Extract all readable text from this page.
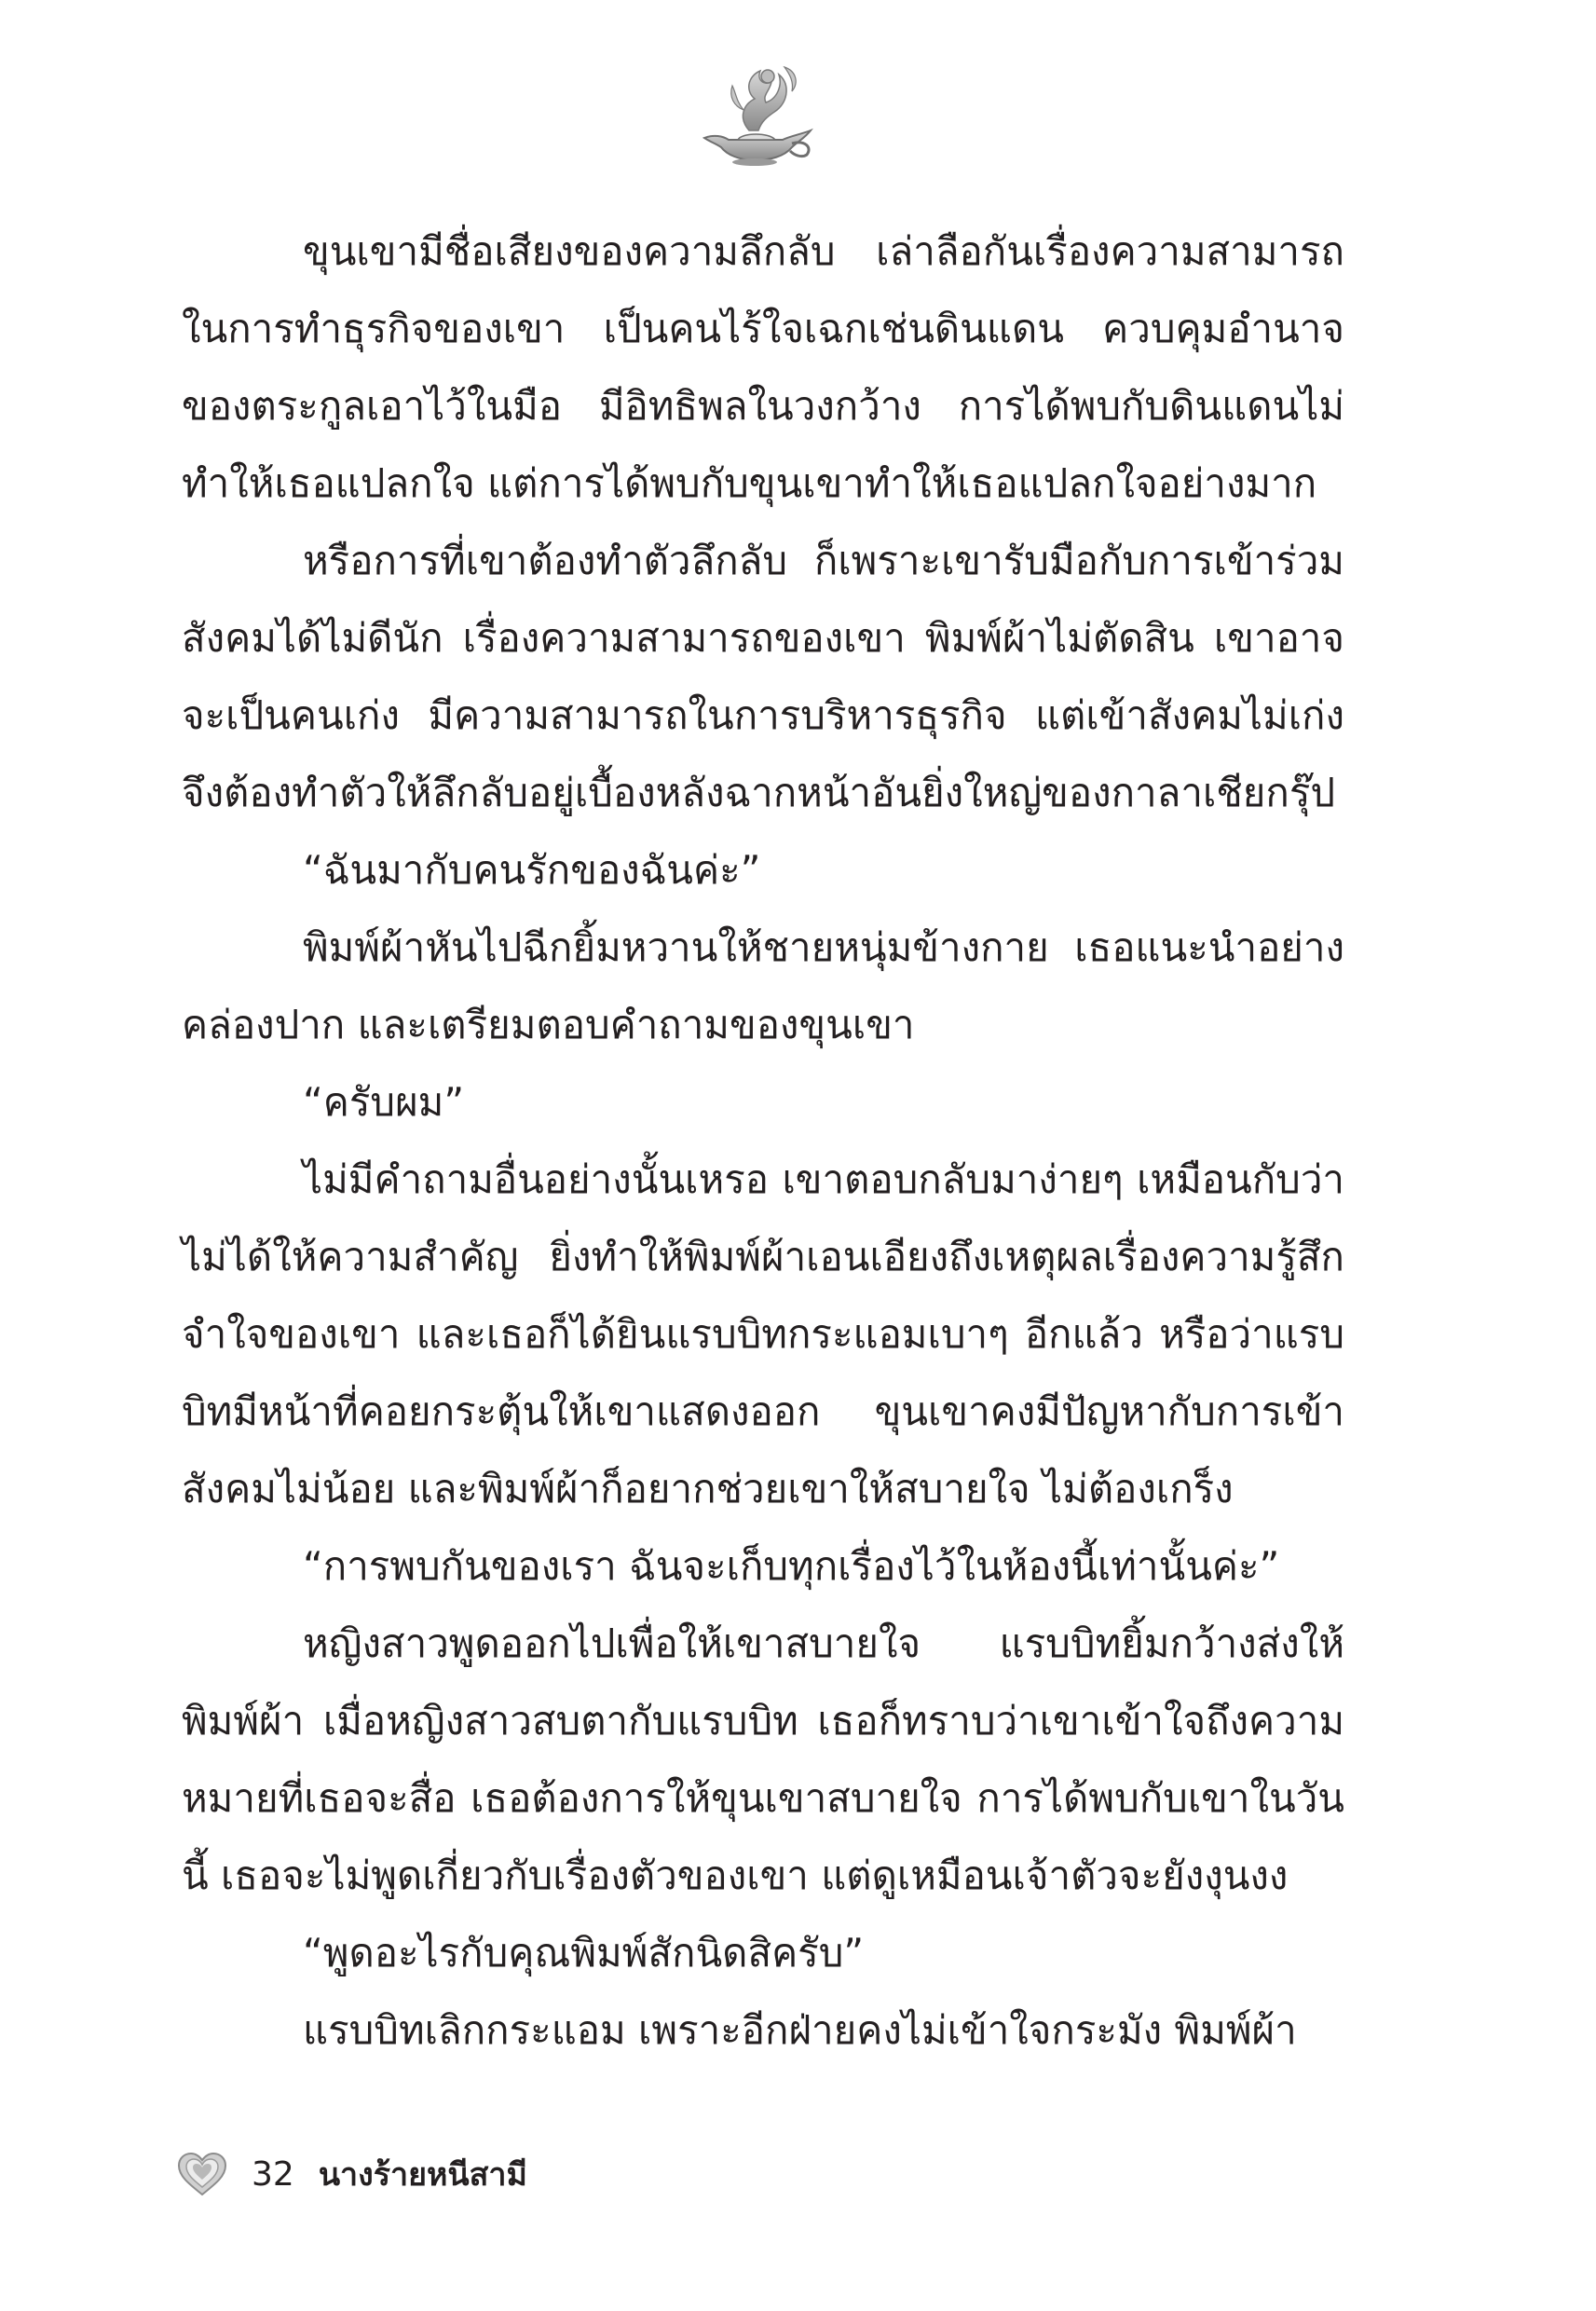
ขุนเขามีชื่อเสียงของความลึกลับ เล่าลือกันเรื่องความสามารถในการทำธุรกิจของเขา เป็นคนไร้ใจเฉกเช่นดินแดน ควบคุมอำนาจของตระกูลเอาไว้ในมือ มีอิทธิพลในวงกว้าง การได้พบกับดินแดนไม่ทำให้เธอแปลกใจ แต่การได้พบกับขุนเขาทำให้เธอแปลกใจอย่างมาก

หรือการที่เขาต้องทำตัวลึกลับ ก็เพราะเขารับมือกับการเข้าร่วมสังคมได้ไม่ดีนัก เรื่องความสามารถของเขา พิมพ์ผ้าไม่ตัดสิน เขาอาจจะเป็นคนเก่ง มีความสามารถในการบริหารธุรกิจ แต่เข้าสังคมไม่เก่ง จึงต้องทำตัวให้ลึกลับอยู่เบื้องหลังฉากหน้าอันยิ่งใหญ่ของกาลาเชียกรุ๊ป

“ฉันมากับคนรักของฉันค่ะ”

พิมพ์ผ้าหันไปฉีกยิ้มหวานให้ชายหนุ่มข้างกาย เธอแนะนำอย่างคล่องปาก และเตรียมตอบคำถามของขุนเขา

“ครับผม”

ไม่มีคำถามอื่นอย่างนั้นเหรอ เขาตอบกลับมาง่ายๆ เหมือนกับว่าไม่ได้ให้ความสำคัญ ยิ่งทำให้พิมพ์ผ้าเอนเอียงถึงเหตุผลเรื่องความรู้สึกจำใจของเขา และเธอก็ได้ยินแรบบิทกระแอมเบาๆ อีกแล้ว หรือว่าแรบบิทมีหน้าที่คอยกระตุ้นให้เขาแสดงออก ขุนเขาคงมีปัญหากับการเข้าสังคมไม่น้อย และพิมพ์ผ้าก็อยากช่วยเขาให้สบายใจ ไม่ต้องเกร็ง

“การพบกันของเรา ฉันจะเก็บทุกเรื่องไว้ในห้องนี้เท่านั้นค่ะ”

หญิงสาวพูดออกไปเพื่อให้เขาสบายใจ แรบบิทยิ้มกว้างส่งให้พิมพ์ผ้า เมื่อหญิงสาวสบตากับแรบบิท เธอก็ทราบว่าเขาเข้าใจถึงความหมายที่เธอจะสื่อ เธอต้องการให้ขุนเขาสบายใจ การได้พบกับเขาในวันนี้ เธอจะไม่พูดเกี่ยวกับเรื่องตัวของเขา แต่ดูเหมือนเจ้าตัวจะยังงุนงง

“พูดอะไรกับคุณพิมพ์สักนิดสิครับ”

แรบบิทเลิกกระแอม เพราะอีกฝ่ายคงไม่เข้าใจกระมัง พิมพ์ผ้า

32 นางร้ายหนีสามี
